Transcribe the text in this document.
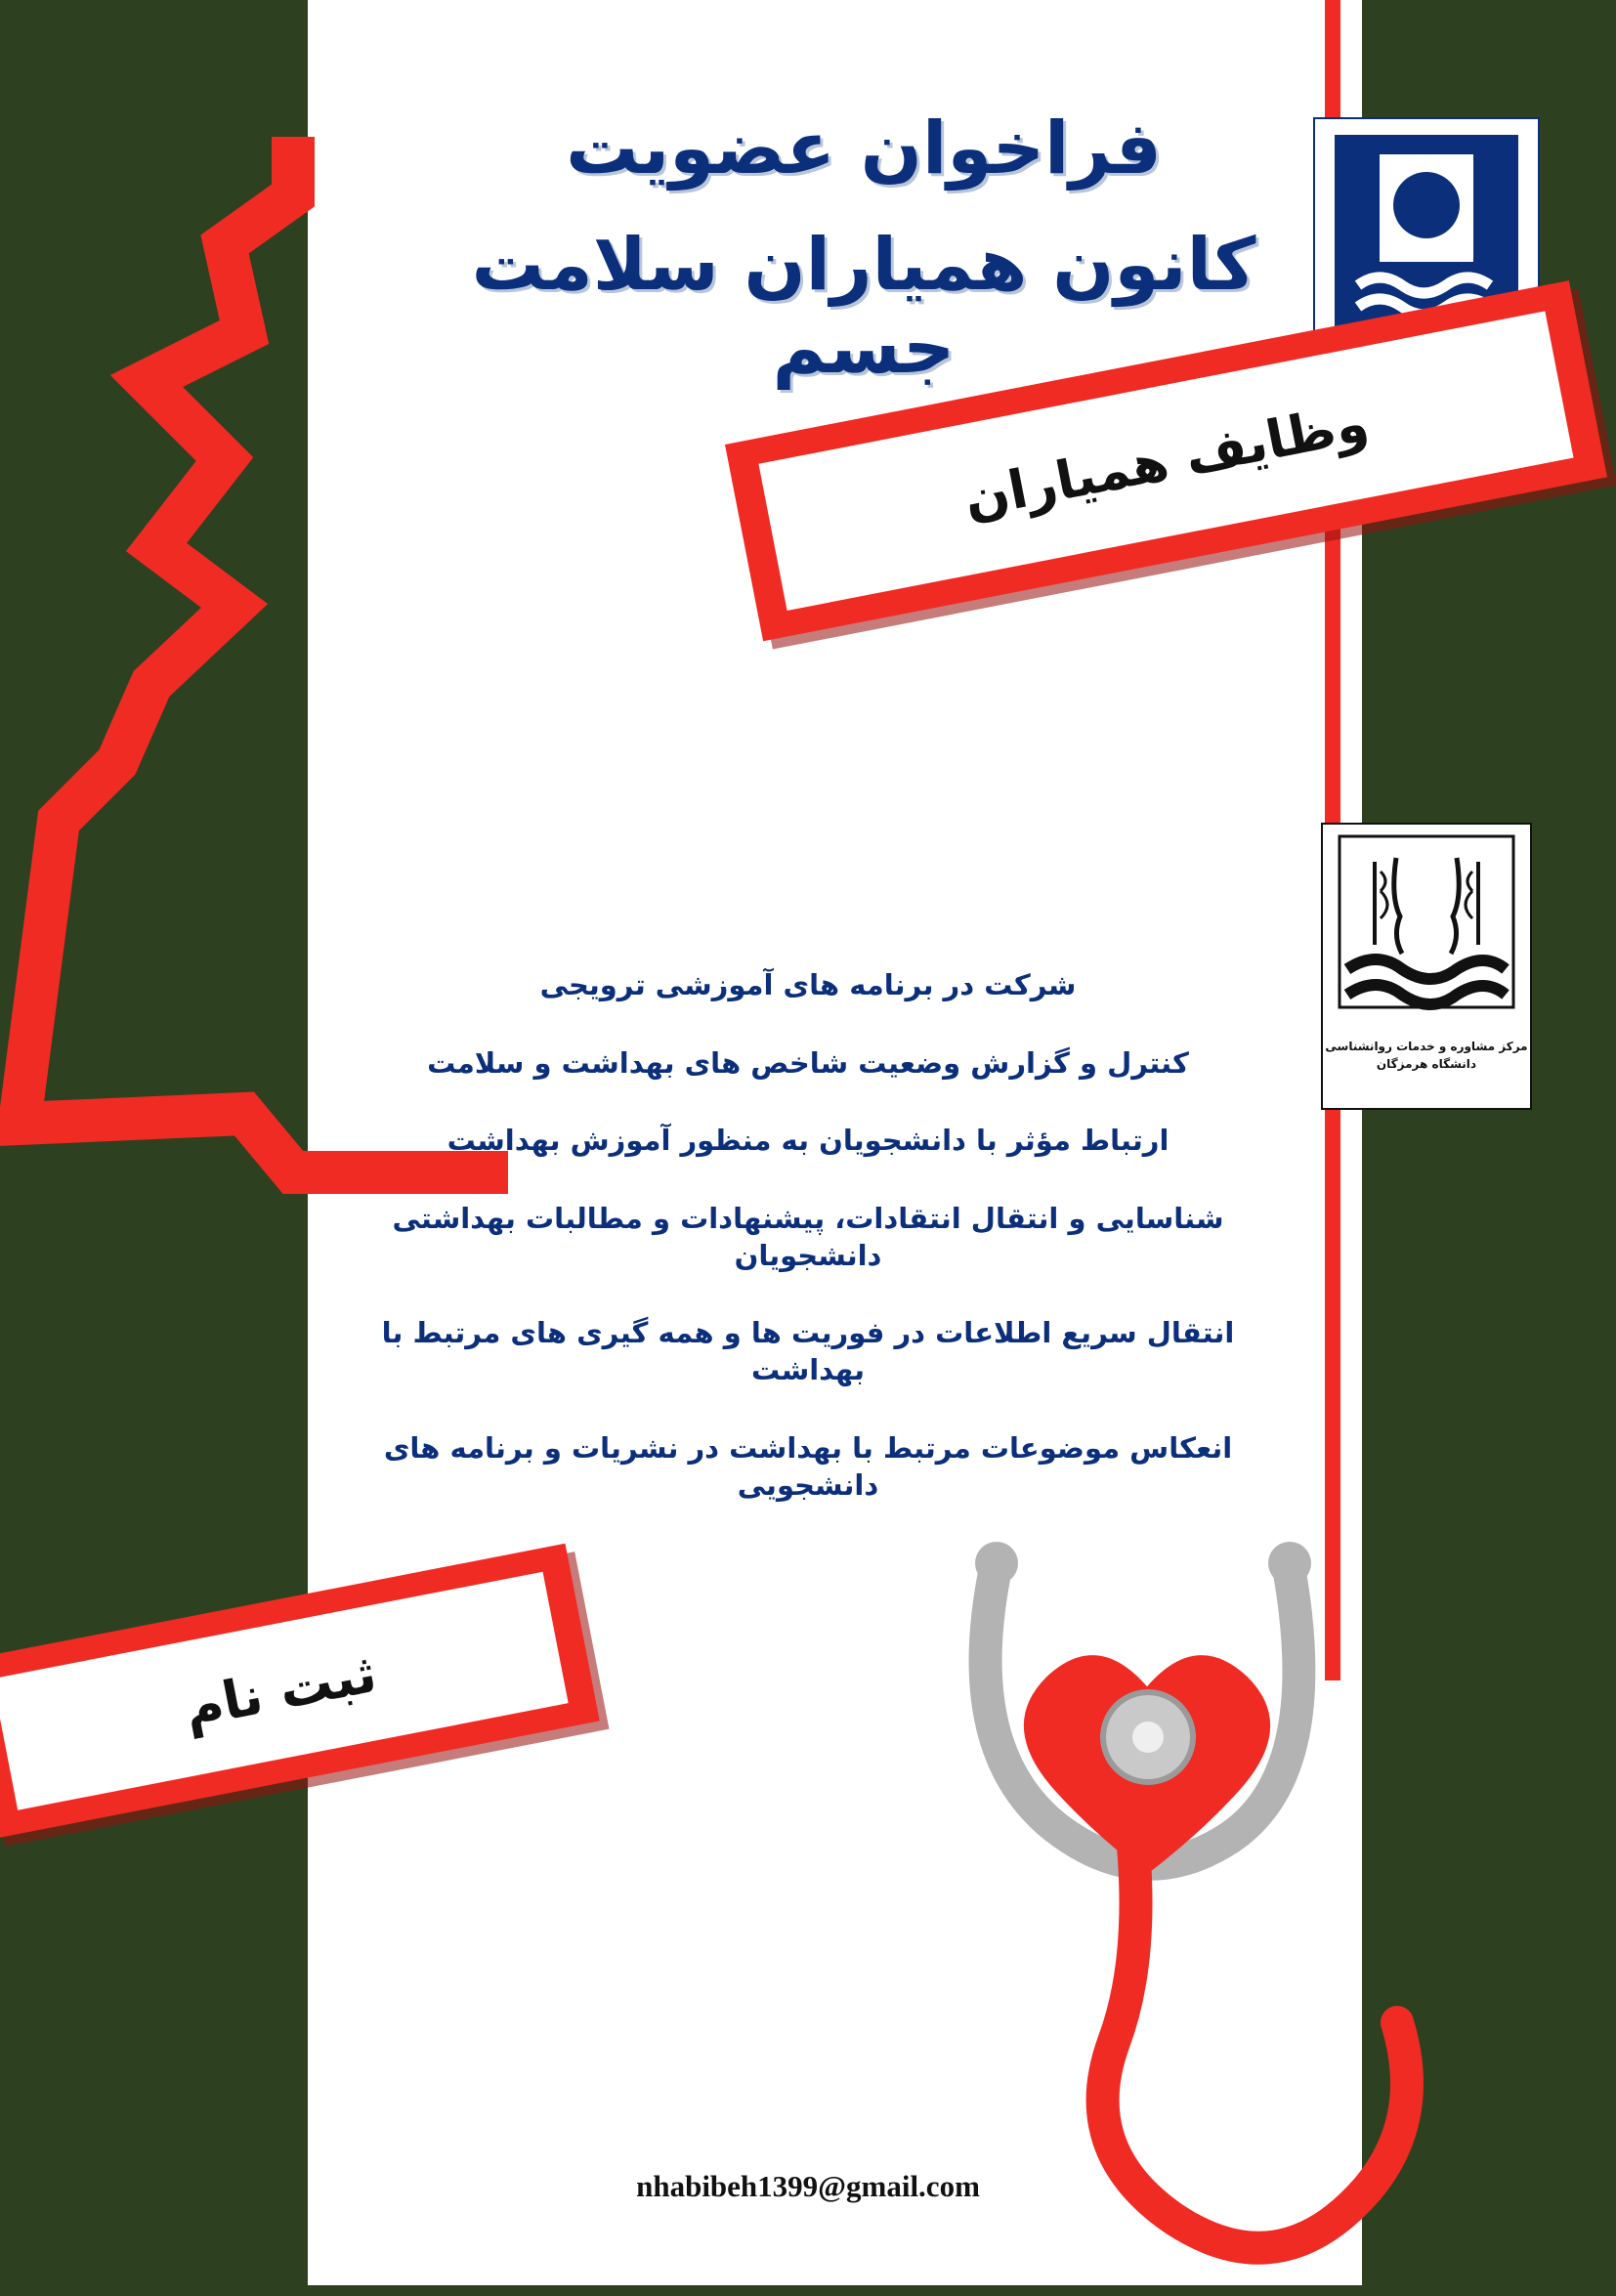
فراخوان عضویت
کانون همیاران سلامت جسم
مرکز مشاوره و خدمات روانشناسی دانشگاه هرمزگان
وظایف همیاران
شرکت در برنامه های آموزشی ترویجی
کنترل و گزارش وضعیت شاخص های بهداشت و سلامت
ارتباط مؤثر با دانشجویان به منظور آموزش بهداشت
شناسایی و انتقال انتقادات، پیشنهادات و مطالبات بهداشتی دانشجویان
انتقال سریع اطلاعات در فوریت ها و همه گیری های مرتبط با بهداشت
انعکاس موضوعات مرتبط با بهداشت در نشریات و برنامه های دانشجویی
ثبت نام
nhabibeh1399@gmail.com
